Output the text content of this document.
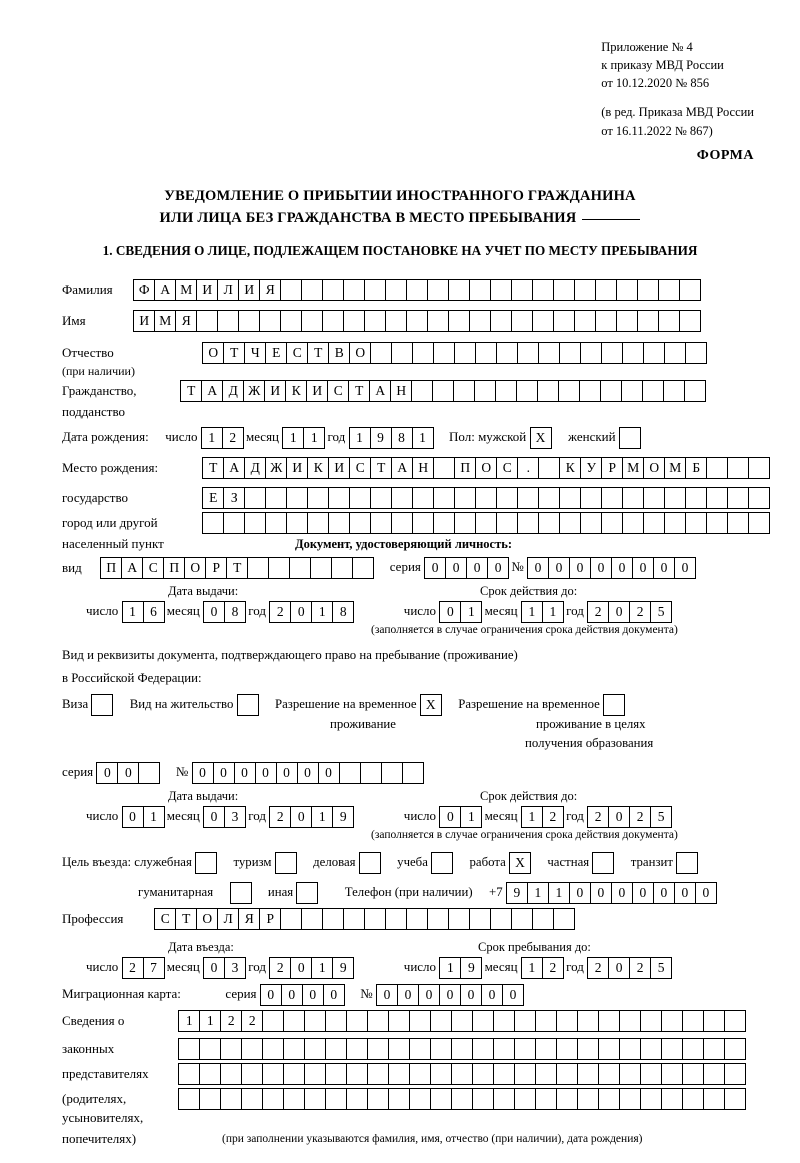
Приложение № 4
к приказу МВД России
от 10.12.2020 № 856
(в ред. Приказа МВД России
от 16.11.2022 № 867)
ФОРМА
УВЕДОМЛЕНИЕ О ПРИБЫТИИ ИНОСТРАННОГО ГРАЖДАНИНА
ИЛИ ЛИЦА БЕЗ ГРАЖДАНСТВА В МЕСТО ПРЕБЫВАНИЯ
1. СВЕДЕНИЯ О ЛИЦЕ, ПОДЛЕЖАЩЕМ ПОСТАНОВКЕ НА УЧЕТ ПО МЕСТУ ПРЕБЫВАНИЯ
Фамилия	Ф А М И Л И Я
Имя	И М Я
Отчество	О Т Ч Е С Т В О
(при наличии)
Гражданство,	Т А Д Ж И К И С Т А Н
подданство
Дата рождения: число 1	2 месяц 1	1 год 1	9	8	1	Пол: мужской Х женский
Место рождения:	Т А Д Ж И К И С Т А Н	П О С	.	К У Р М О М Б
государство	Е З
город или другой
населенный пункт	Документ, удостоверяющий личность:
вид	П А С П О Р Т	серия 0	0	0	0 № 0	0	0	0	0	0	0	0
Дата выдачи:	Срок действия до:
число 1	6 месяц 0	8 год 2	0	1	8	число 0	1 месяц 1	1 год 2	0	2	5
(заполняется в случае ограничения срока действия документа)
Вид и реквизиты документа, подтверждающего право на пребывание (проживание)
в Российской Федерации:
Виза	Вид на жительство	Разрешение на временное Х Разрешение на временное
проживание	проживание в целях
получения образования
серия 0	0	№ 0	0	0	0	0	0	0
Дата выдачи:	Срок действия до:
число 0	1 месяц 0	3 год 2	0	1	9	число 0	1 месяц 1	2 год 2	0	2	5
(заполняется в случае ограничения срока действия документа)
Цель въезда: служебная	туризм	деловая	учеба	работа Х частная	транзит
гуманитарная	иная	Телефон (при наличии) +7 9	1	1	0	0	0	0	0	0	0
Профессия	С Т О Л Я Р
Дата въезда:	Срок пребывания до:
число 2	7 месяц 0	3 год 2	0	1	9	число 1	9 месяц 1	2 год 2	0	2	5
Миграционная карта:	серия 0	0	0	0	№ 0	0	0	0	0	0	0
Сведения о	1	1	2	2
законных
представителях
(родителях,
усыновителях,
попечителях)	(при заполнении указываются фамилия, имя, отчество (при наличии), дата рождения)
